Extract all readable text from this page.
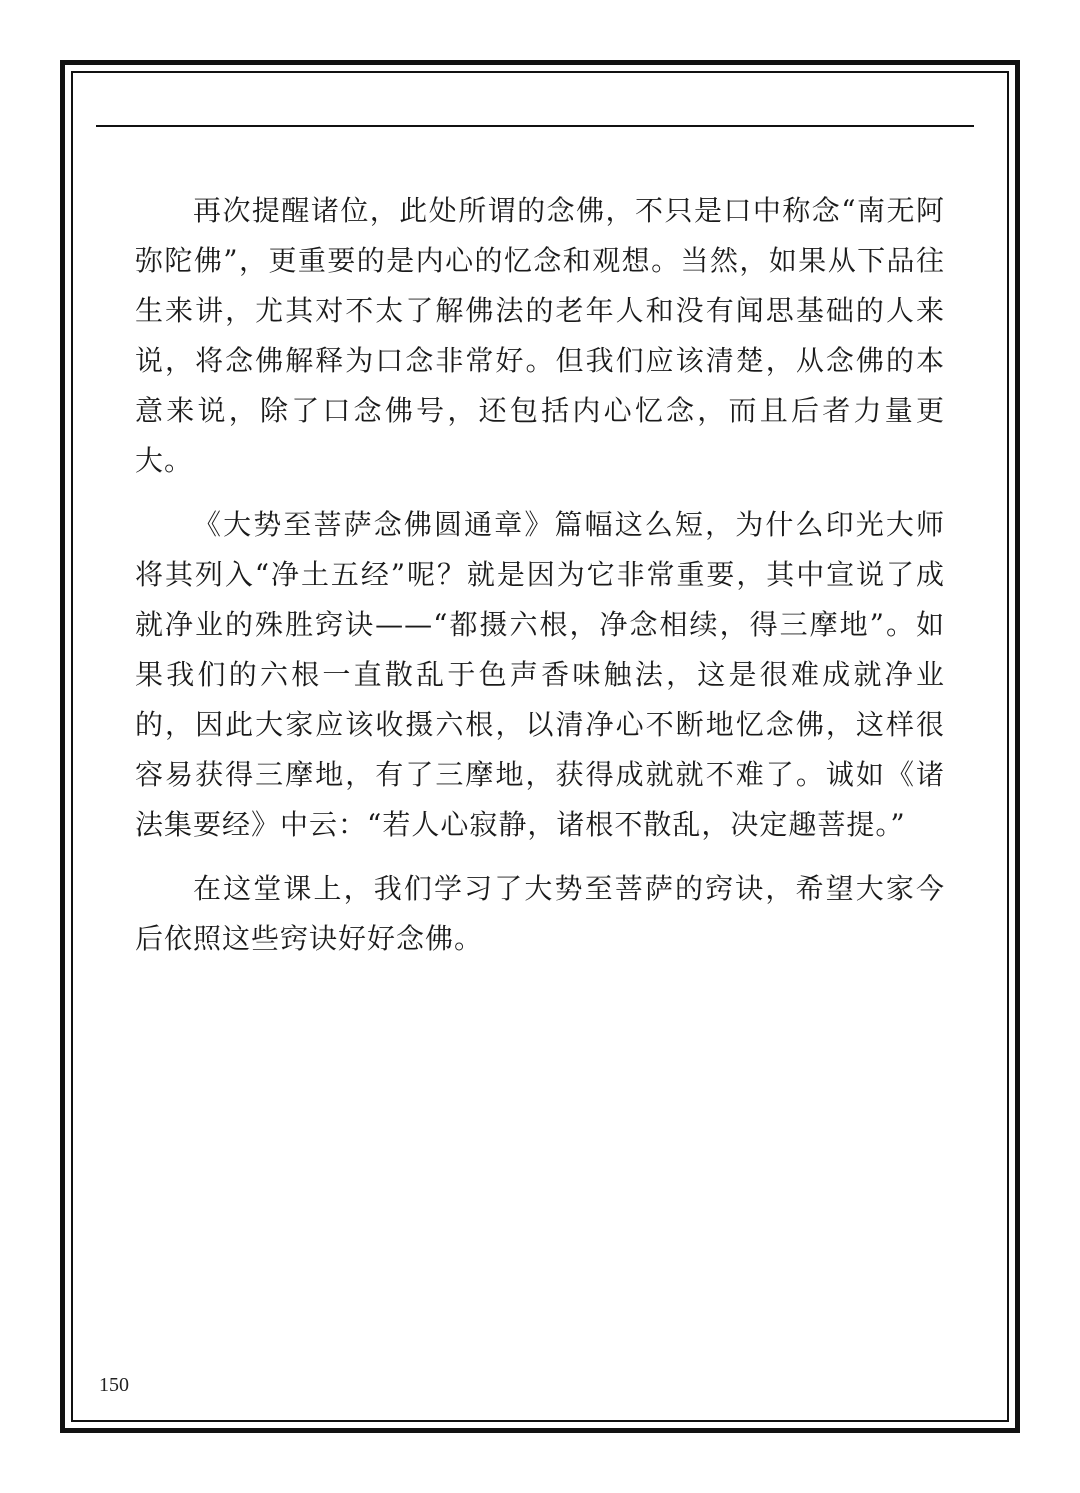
再次提醒诸位，此处所谓的念佛，不只是口中称念“南无阿弥陀佛”，更重要的是内心的忆念和观想。当然，如果从下品往生来讲，尤其对不太了解佛法的老年人和没有闻思基础的人来说，将念佛解释为口念非常好。但我们应该清楚，从念佛的本意来说，除了口念佛号，还包括内心忆念，而且后者力量更大。

《大势至菩萨念佛圆通章》篇幅这么短，为什么印光大师将其列入“净土五经”呢？就是因为它非常重要，其中宣说了成就净业的殊胜窍诀——“都摄六根，净念相续，得三摩地”。如果我们的六根一直散乱于色声香味触法，这是很难成就净业的，因此大家应该收摄六根，以清净心不断地忆念佛，这样很容易获得三摩地，有了三摩地，获得成就就不难了。诚如《诸法集要经》中云：“若人心寂静，诸根不散乱，决定趣菩提。”

在这堂课上，我们学习了大势至菩萨的窍诀，希望大家今后依照这些窍诀好好念佛。

150
